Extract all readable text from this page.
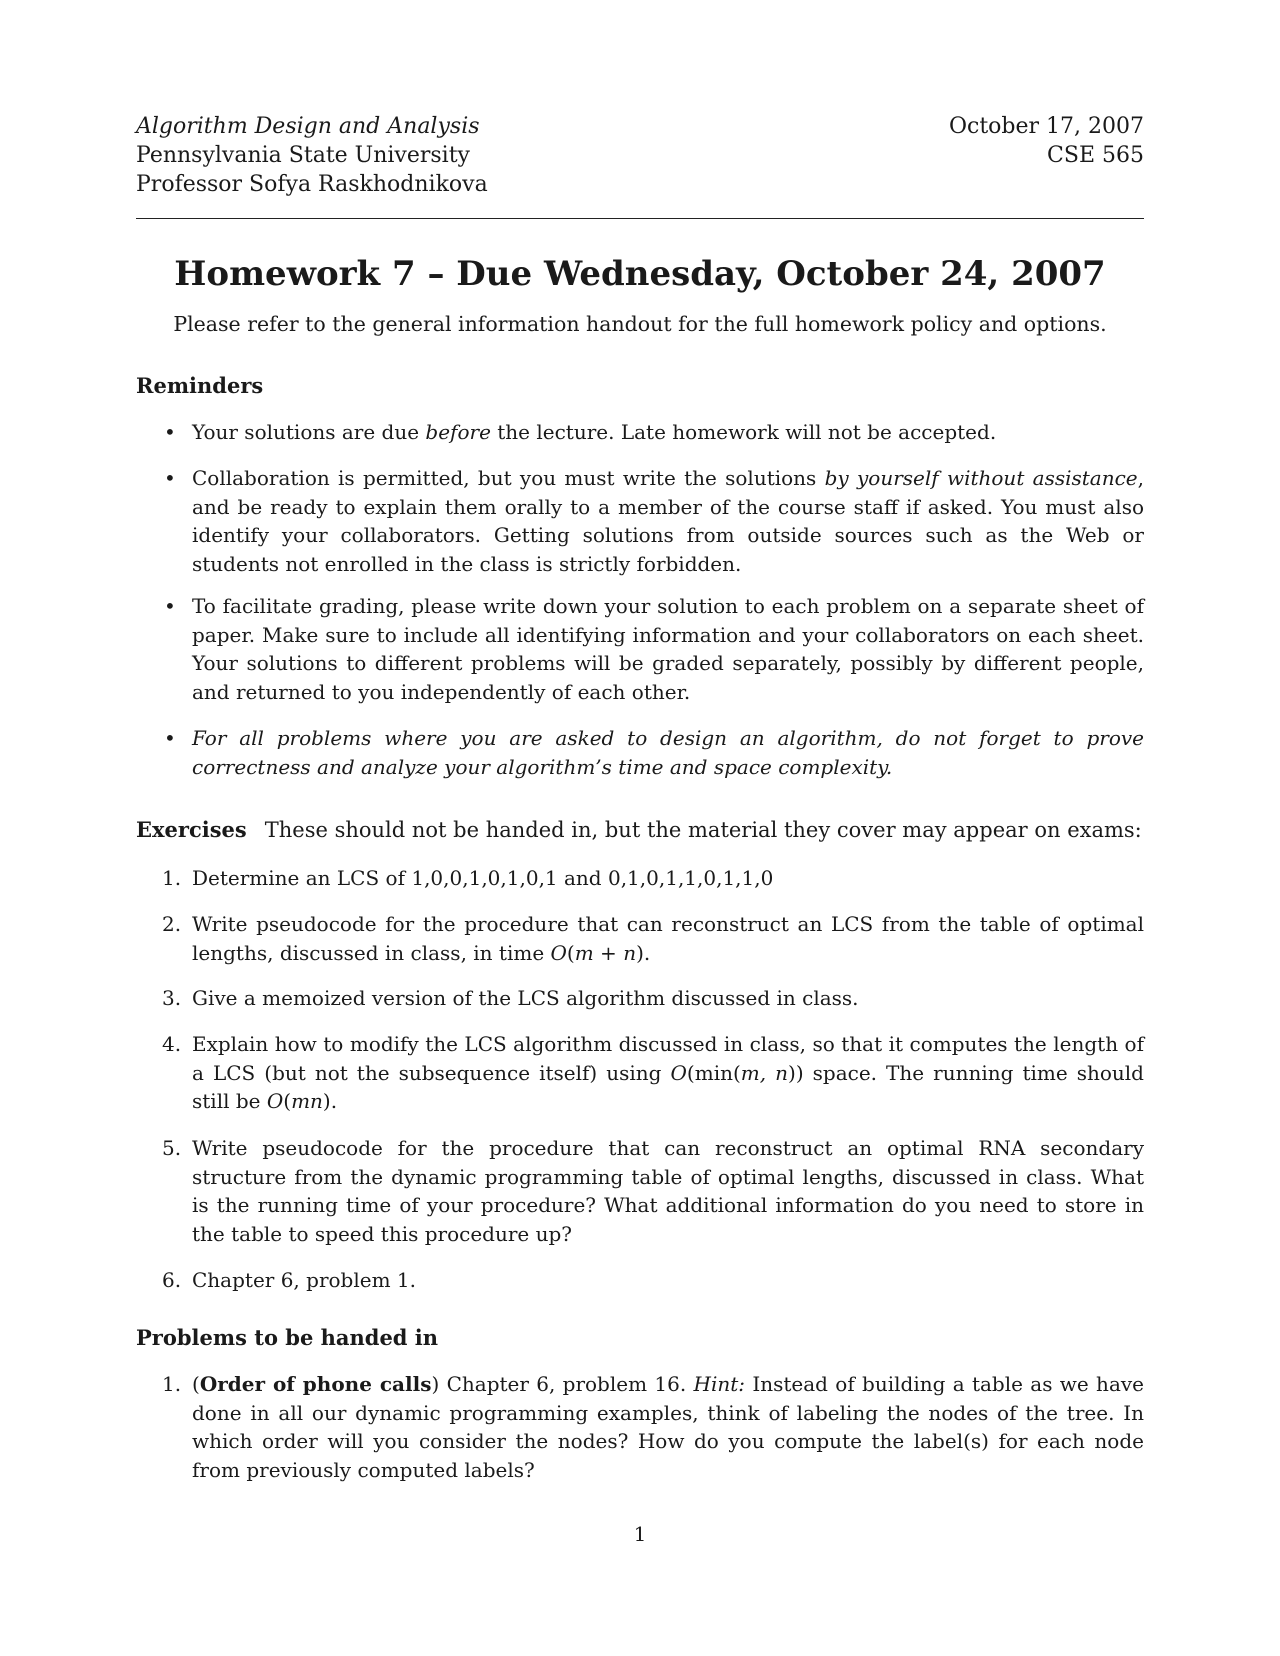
Algorithm Design and Analysis
Pennsylvania State University
Professor Sofya Raskhodnikova
October 17, 2007
CSE 565
Homework 7 – Due Wednesday, October 24, 2007
Please refer to the general information handout for the full homework policy and options.
Reminders
• Your solutions are due before the lecture. Late homework will not be accepted.
• Collaboration is permitted, but you must write the solutions by yourself without assistance, and be ready to explain them orally to a member of the course staff if asked. You must also identify your collaborators. Getting solutions from outside sources such as the Web or students not enrolled in the class is strictly forbidden.
• To facilitate grading, please write down your solution to each problem on a separate sheet of paper. Make sure to include all identifying information and your collaborators on each sheet. Your solutions to different problems will be graded separately, possibly by different people, and returned to you independently of each other.
• For all problems where you are asked to design an algorithm, do not forget to prove correctness and analyze your algorithm’s time and space complexity.
Exercises These should not be handed in, but the material they cover may appear on exams:
1. Determine an LCS of 1,0,0,1,0,1,0,1 and 0,1,0,1,1,0,1,1,0
2. Write pseudocode for the procedure that can reconstruct an LCS from the table of optimal lengths, discussed in class, in time O(m + n).
3. Give a memoized version of the LCS algorithm discussed in class.
4. Explain how to modify the LCS algorithm discussed in class, so that it computes the length of a LCS (but not the subsequence itself) using O(min(m, n)) space. The running time should still be O(mn).
5. Write pseudocode for the procedure that can reconstruct an optimal RNA secondary structure from the dynamic programming table of optimal lengths, discussed in class. What is the running time of your procedure? What additional information do you need to store in the table to speed this procedure up?
6. Chapter 6, problem 1.
Problems to be handed in
1. (Order of phone calls) Chapter 6, problem 16. Hint: Instead of building a table as we have done in all our dynamic programming examples, think of labeling the nodes of the tree. In which order will you consider the nodes? How do you compute the label(s) for each node from previously computed labels?
1
